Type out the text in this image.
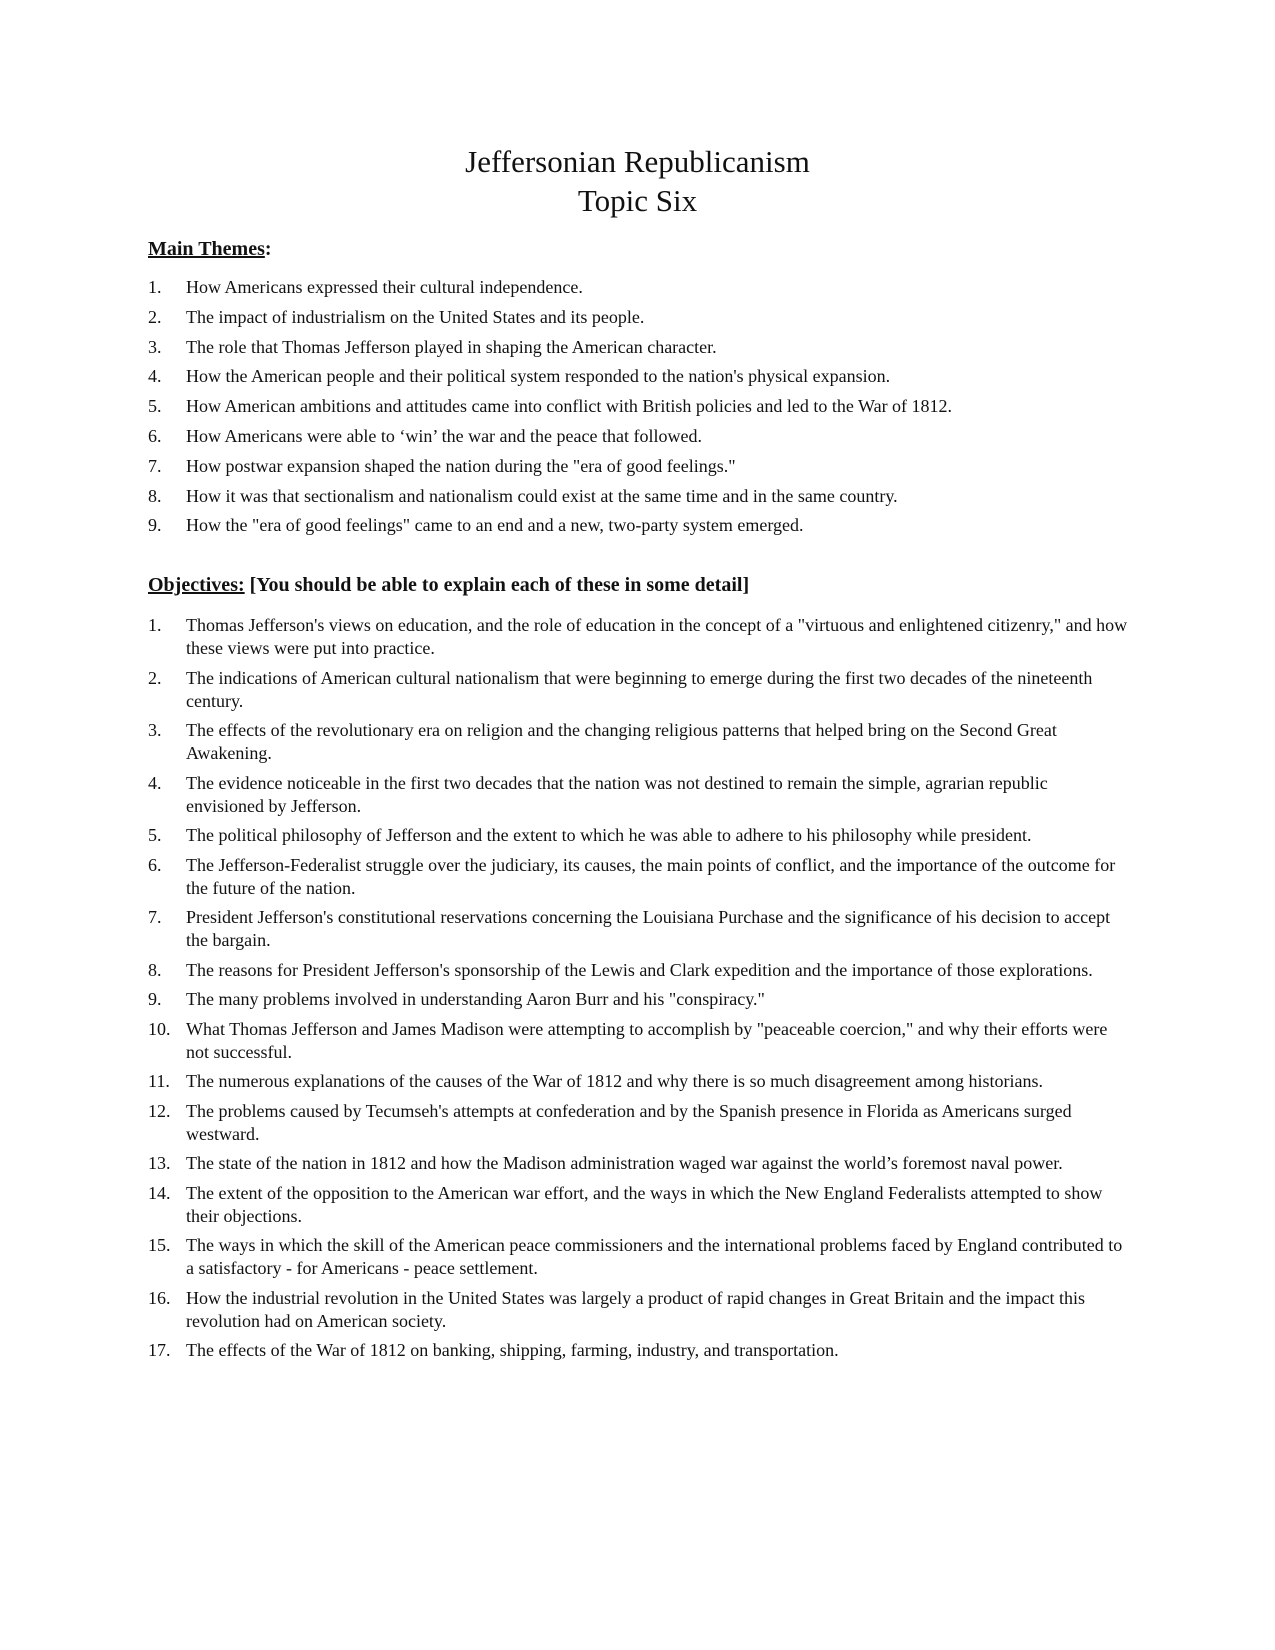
Jeffersonian Republicanism
Topic Six
Main Themes:
1. How Americans expressed their cultural independence.
2. The impact of industrialism on the United States and its people.
3. The role that Thomas Jefferson played in shaping the American character.
4. How the American people and their political system responded to the nation's physical expansion.
5. How American ambitions and attitudes came into conflict with British policies and led to the War of 1812.
6. How Americans were able to ‘win’ the war and the peace that followed.
7. How postwar expansion shaped the nation during the "era of good feelings."
8. How it was that sectionalism and nationalism could exist at the same time and in the same country.
9. How the "era of good feelings" came to an end and a new, two-party system emerged.
Objectives: [You should be able to explain each of these in some detail]
1. Thomas Jefferson's views on education, and the role of education in the concept of a "virtuous and enlightened citizenry," and how these views were put into practice.
2. The indications of American cultural nationalism that were beginning to emerge during the first two decades of the nineteenth century.
3. The effects of the revolutionary era on religion and the changing religious patterns that helped bring on the Second Great Awakening.
4. The evidence noticeable in the first two decades that the nation was not destined to remain the simple, agrarian republic envisioned by Jefferson.
5. The political philosophy of Jefferson and the extent to which he was able to adhere to his philosophy while president.
6. The Jefferson-Federalist struggle over the judiciary, its causes, the main points of conflict, and the importance of the outcome for the future of the nation.
7. President Jefferson's constitutional reservations concerning the Louisiana Purchase and the significance of his decision to accept the bargain.
8. The reasons for President Jefferson's sponsorship of the Lewis and Clark expedition and the importance of those explorations.
9. The many problems involved in understanding Aaron Burr and his "conspiracy."
10. What Thomas Jefferson and James Madison were attempting to accomplish by "peaceable coercion," and why their efforts were not successful.
11. The numerous explanations of the causes of the War of 1812 and why there is so much disagreement among historians.
12. The problems caused by Tecumseh's attempts at confederation and by the Spanish presence in Florida as Americans surged westward.
13. The state of the nation in 1812 and how the Madison administration waged war against the world’s foremost naval power.
14. The extent of the opposition to the American war effort, and the ways in which the New England Federalists attempted to show their objections.
15. The ways in which the skill of the American peace commissioners and the international problems faced by England contributed to a satisfactory - for Americans - peace settlement.
16. How the industrial revolution in the United States was largely a product of rapid changes in Great Britain and the impact this revolution had on American society.
17. The effects of the War of 1812 on banking, shipping, farming, industry, and transportation.
